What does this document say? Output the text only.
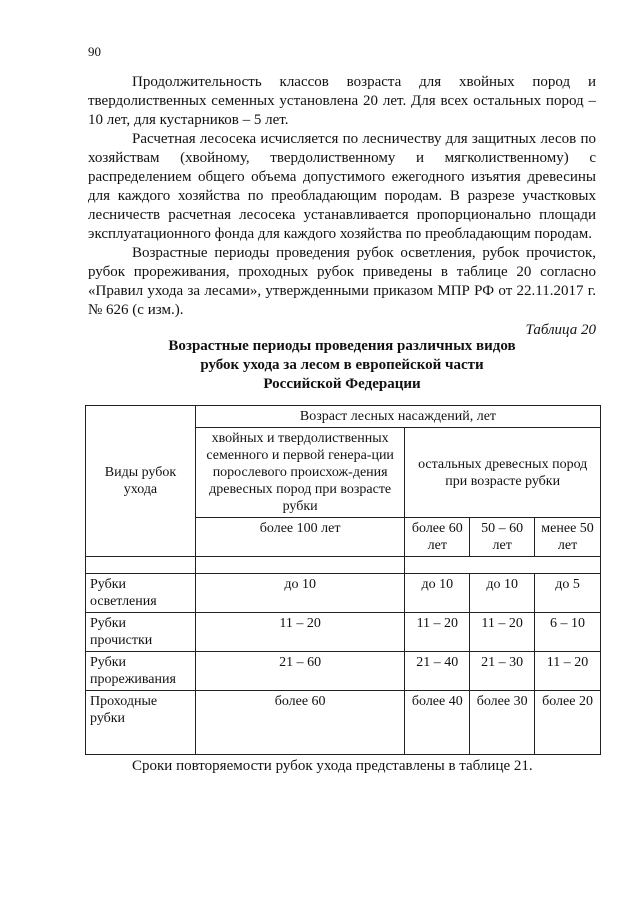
90

Продолжительность классов возраста для хвойных пород и твердолиственных семенных установлена 20 лет. Для всех остальных пород – 10 лет, для кустарников – 5 лет.

Расчетная лесосека исчисляется по лесничеству для защитных лесов по хозяйствам (хвойному, твердолиственному и мягколиственному) с распределением общего объема допустимого ежегодного изъятия древесины для каждого хозяйства по преобладающим породам. В разрезе участковых лесничеств расчетная лесосека устанавливается пропорционально площади эксплуатационного фонда для каждого хозяйства по преобладающим породам.

Возрастные периоды проведения рубок осветления, рубок прочисток, рубок прореживания, проходных рубок приведены в таблице 20 согласно «Правил ухода за лесами», утвержденными приказом МПР РФ от 22.11.2017 г. № 626 (с изм.).

Таблица 20
Возрастные периоды проведения различных видов
рубок ухода за лесом в европейской части
Российской Федерации
Виды рубок ухода	Возраст лесных насаждений, лет			
	хвойных и твердолиственных семенного и первой генера-ции порослевого происхож-дения древесных пород при возрасте рубки	остальных древесных пород при возрасте рубки		
	более 100 лет	более 60 лет	50 – 60 лет	менее 50 лет

Рубки осветления	до 10	до 10	до 10	до 5
Рубки прочистки	11 – 20	11 – 20	11 – 20	6 – 10
Рубки прореживания	21 – 60	21 – 40	21 – 30	11 – 20
Проходные рубки	более 60	более 40	более 30	более 20
Сроки повторяемости рубок ухода представлены в таблице 21.
